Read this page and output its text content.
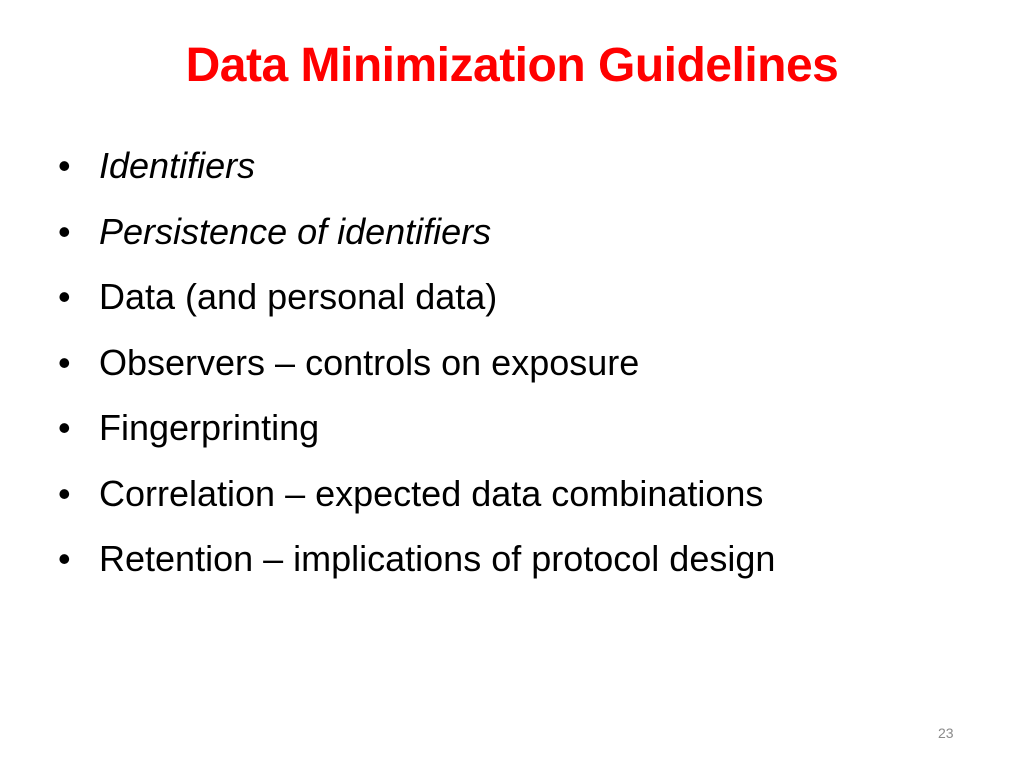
Data Minimization Guidelines
• Identifiers
• Persistence of identifiers
• Data (and personal data)
• Observers – controls on exposure
• Fingerprinting
• Correlation – expected data combinations
• Retention – implications of protocol design
23
